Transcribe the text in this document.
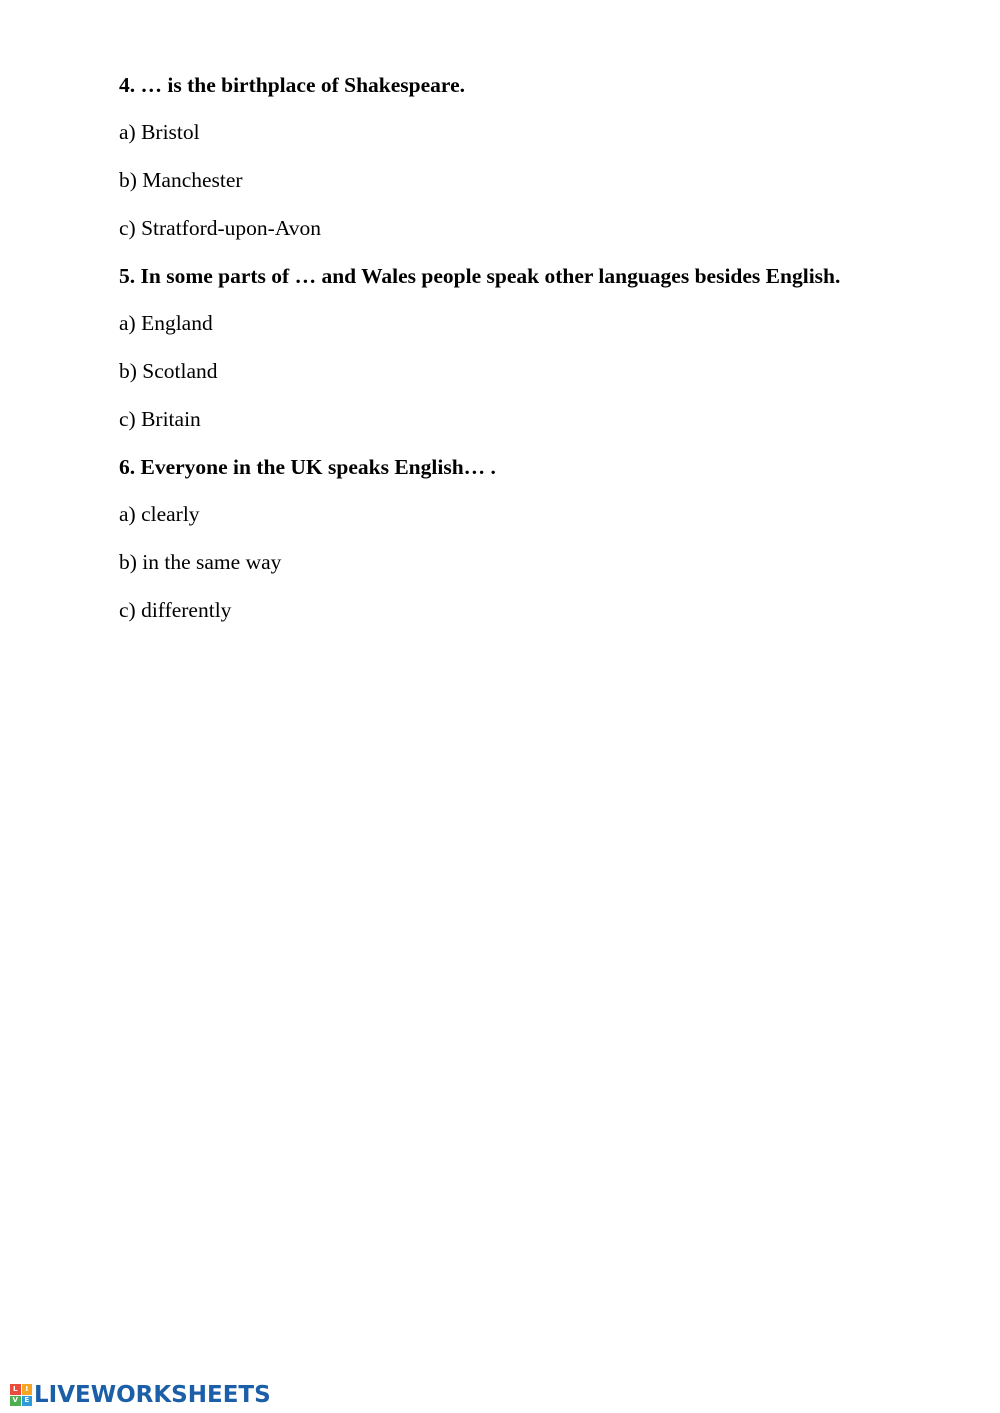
4. … is the birthplace of Shakespeare.

a) Bristol

b) Manchester

c) Stratford-upon-Avon

5. In some parts of … and Wales people speak other languages besides English.

a) England

b) Scotland

c) Britain

6. Everyone in the UK speaks English… .

a) clearly

b) in the same way

c) differently

L	I
V E LIVEWORKSHEETS
